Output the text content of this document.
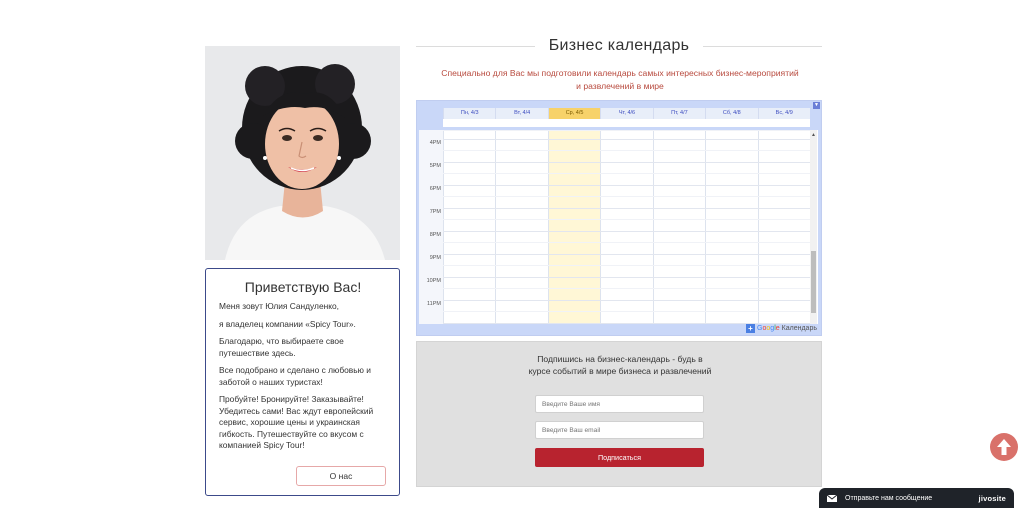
Приветствую Вас!

Меня зовут Юлия Сандуленко,

я владелец компании «Spicy Tour».

Благодарю, что выбираете свое путешествие здесь.

Все подобрано и сделано с любовью и заботой о наших туристах!

Пробуйте! Бронируйте! Заказывайте! Убедитесь сами! Вас ждут европейский сервис, хорошие цены и украинская гибкость. Путешествуйте со вкусом с компанией Spicy Tour!

О нас
Бизнес календарь
Специально для Вас мы подготовили календарь самых интересных бизнес-мероприятий и развлечений в мире
▼
Пн, 4/3	Вт, 4/4	Ср, 4/5	Чт, 4/6	Пт, 4/7	Сб, 4/8	Вс, 4/9
4PM
5PM
6PM
7PM
8PM
9PM
10PM
11PM
▲
+ Google Календарь
Подпишись на бизнес-календарь - будь в курсе событий в мире бизнеса и развлечений
Введите Ваше имя
Введите Ваш email
Подписаться
Отправьте нам сообщение	jivosite
